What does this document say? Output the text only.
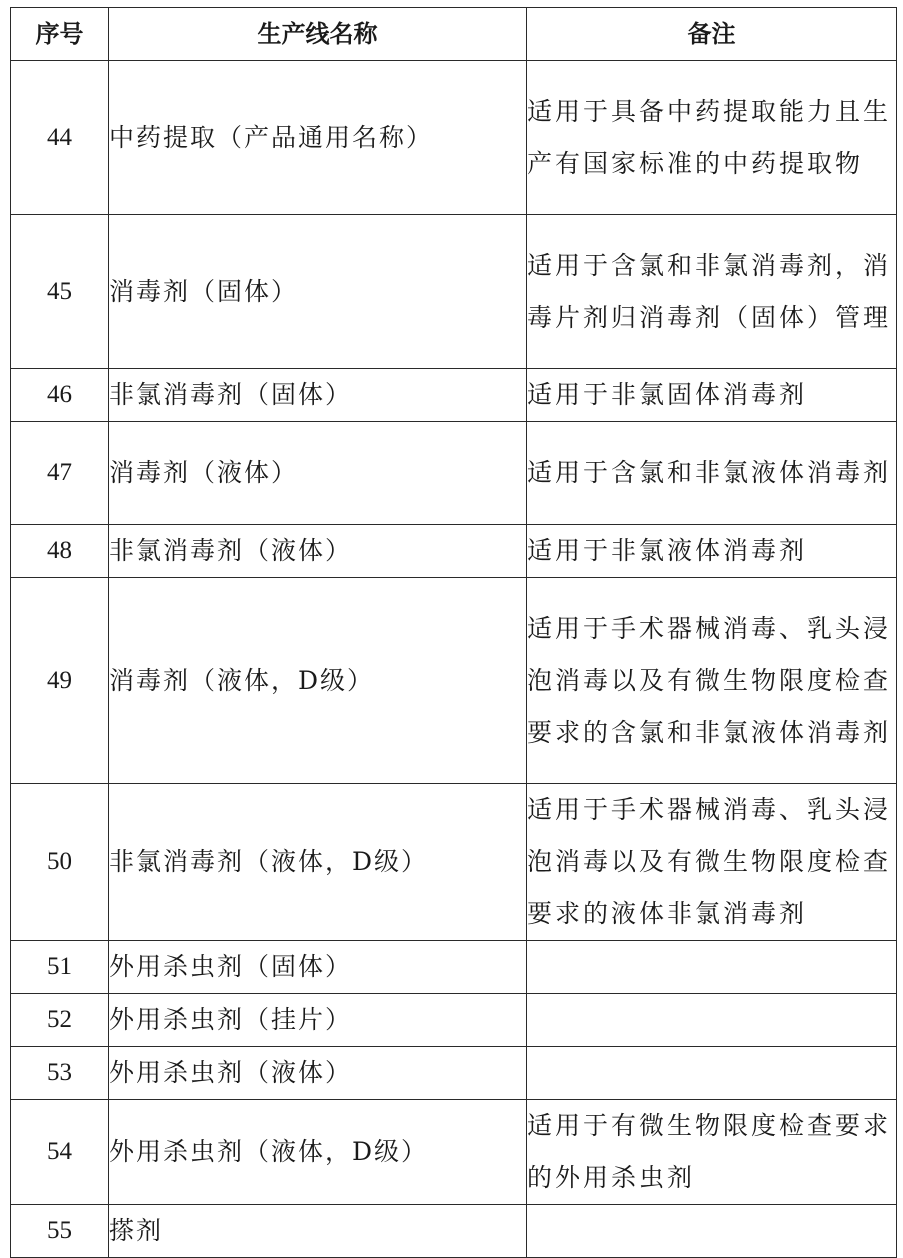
序号	生产线名称	备注
44	中药提取（产品通用名称）	适用于具备中药提取能力且生产有国家标准的中药提取物
45	消毒剂（固体）	适用于含氯和非氯消毒剂，消毒片剂归消毒剂（固体）管理
46	非氯消毒剂（固体）	适用于非氯固体消毒剂
47	消毒剂（液体）	适用于含氯和非氯液体消毒剂
48	非氯消毒剂（液体）	适用于非氯液体消毒剂
49	消毒剂（液体，D级）	适用于手术器械消毒、乳头浸泡消毒以及有微生物限度检查要求的含氯和非氯液体消毒剂
50	非氯消毒剂（液体，D级）	适用于手术器械消毒、乳头浸泡消毒以及有微生物限度检查要求的液体非氯消毒剂
51	外用杀虫剂（固体）	
52	外用杀虫剂（挂片）	
53	外用杀虫剂（液体）	
54	外用杀虫剂（液体，D级）	适用于有微生物限度检查要求的外用杀虫剂
55	搽剂	
